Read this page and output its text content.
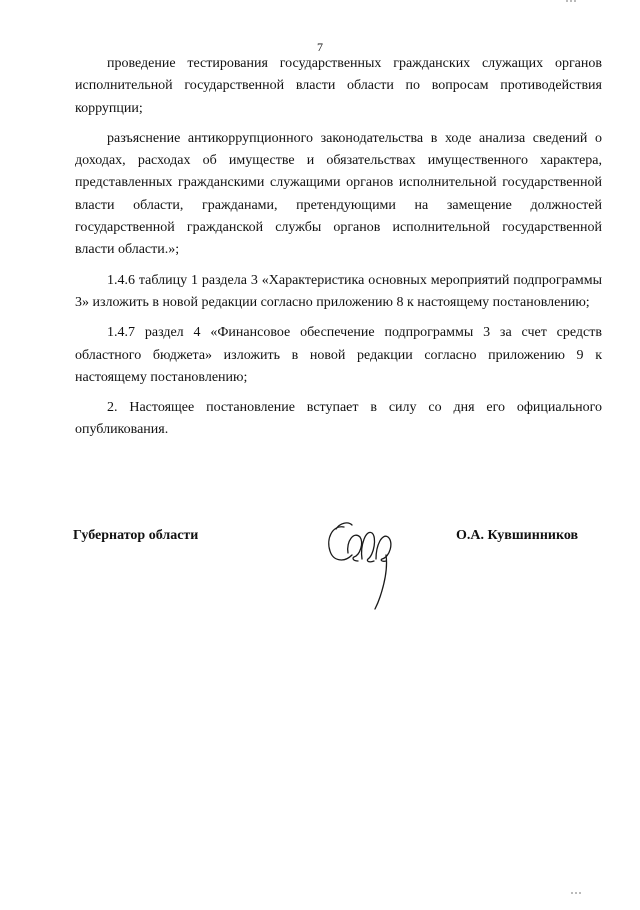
7

проведение тестирования государственных гражданских служащих органов исполнительной государственной власти области по вопросам противодействия коррупции;

разъяснение антикоррупционного законодательства в ходе анализа сведений о доходах, расходах об имуществе и обязательствах имущественного характера, представленных гражданскими служащими органов исполнительной государственной власти области, гражданами, претендующими на замещение должностей государственной гражданской службы органов исполнительной государственной власти области.»;

1.4.6 таблицу 1 раздела 3 «Характеристика основных мероприятий подпрограммы 3» изложить в новой редакции согласно приложению 8 к настоящему постановлению;

1.4.7 раздел 4 «Финансовое обеспечение подпрограммы 3 за счет средств областного бюджета» изложить в новой редакции согласно приложению 9 к настоящему постановлению;

2. Настоящее постановление вступает в силу со дня его официального опубликования.

Губернатор области	О.А. Кувшинников
